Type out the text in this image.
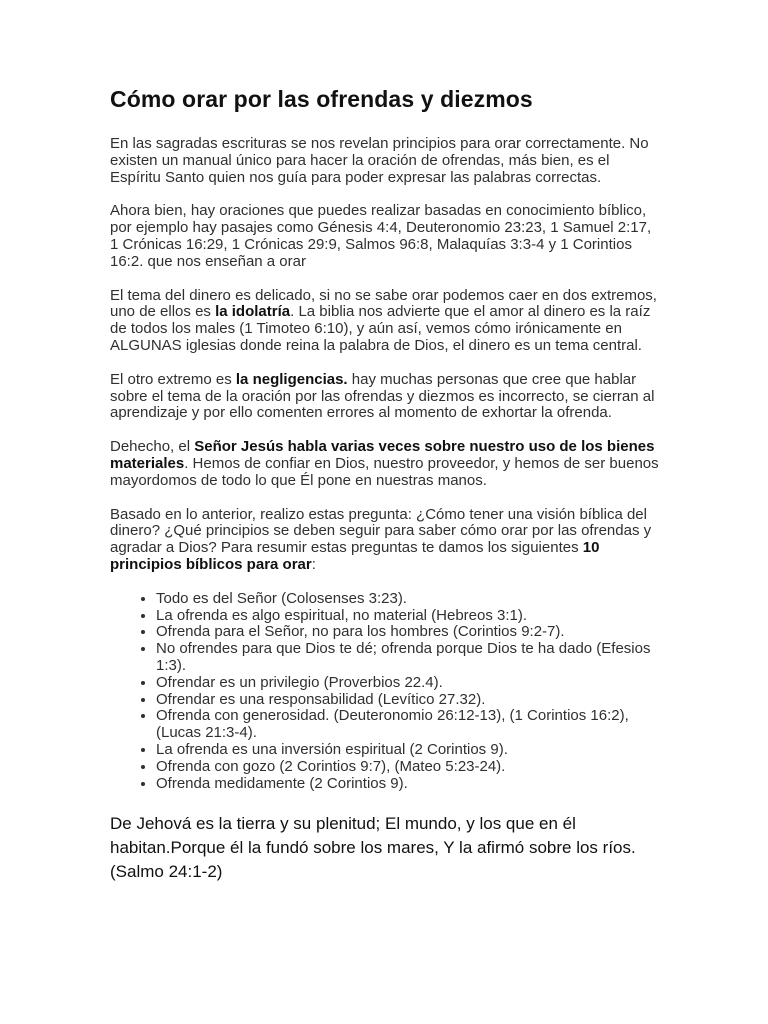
Cómo orar por las ofrendas y diezmos

En las sagradas escrituras se nos revelan principios para orar correctamente. No existen un manual único para hacer la oración de ofrendas, más bien, es el Espíritu Santo quien nos guía para poder expresar las palabras correctas.

Ahora bien, hay oraciones que puedes realizar basadas en conocimiento bíblico, por ejemplo hay pasajes como Génesis 4:4, Deuteronomio 23:23, 1 Samuel 2:17, 1 Crónicas 16:29, 1 Crónicas 29:9, Salmos 96:8, Malaquías 3:3-4 y 1 Corintios 16:2. que nos enseñan a orar

El tema del dinero es delicado, si no se sabe orar podemos caer en dos extremos, uno de ellos es la idolatría. La biblia nos advierte que el amor al dinero es la raíz de todos los males (1 Timoteo 6:10), y aún así, vemos cómo irónicamente en ALGUNAS iglesias donde reina la palabra de Dios, el dinero es un tema central.

El otro extremo es la negligencias. hay muchas personas que cree que hablar sobre el tema de la oración por las ofrendas y diezmos es incorrecto, se cierran al aprendizaje y por ello comenten errores al momento de exhortar la ofrenda.

Dehecho, el Señor Jesús habla varias veces sobre nuestro uso de los bienes materiales. Hemos de confiar en Dios, nuestro proveedor, y hemos de ser buenos mayordomos de todo lo que Él pone en nuestras manos.

Basado en lo anterior, realizo estas pregunta: ¿Cómo tener una visión bíblica del dinero? ¿Qué principios se deben seguir para saber cómo orar por las ofrendas y agradar a Dios? Para resumir estas preguntas te damos los siguientes 10 principios bíblicos para orar:

• Todo es del Señor (Colosenses 3:23).
• La ofrenda es algo espiritual, no material (Hebreos 3:1).
• Ofrenda para el Señor, no para los hombres (Corintios 9:2-7).
• No ofrendes para que Dios te dé; ofrenda porque Dios te ha dado (Efesios 1:3).
• Ofrendar es un privilegio (Proverbios 22.4).
• Ofrendar es una responsabilidad (Levítico 27.32).
• Ofrenda con generosidad. (Deuteronomio 26:12-13), (1 Corintios 16:2), (Lucas 21:3-4).
• La ofrenda es una inversión espiritual (2 Corintios 9).
• Ofrenda con gozo (2 Corintios 9:7), (Mateo 5:23-24).
• Ofrenda medidamente (2 Corintios 9).

De Jehová es la tierra y su plenitud; El mundo, y los que en él habitan.Porque él la fundó sobre los mares, Y la afirmó sobre los ríos. (Salmo 24:1-2)
